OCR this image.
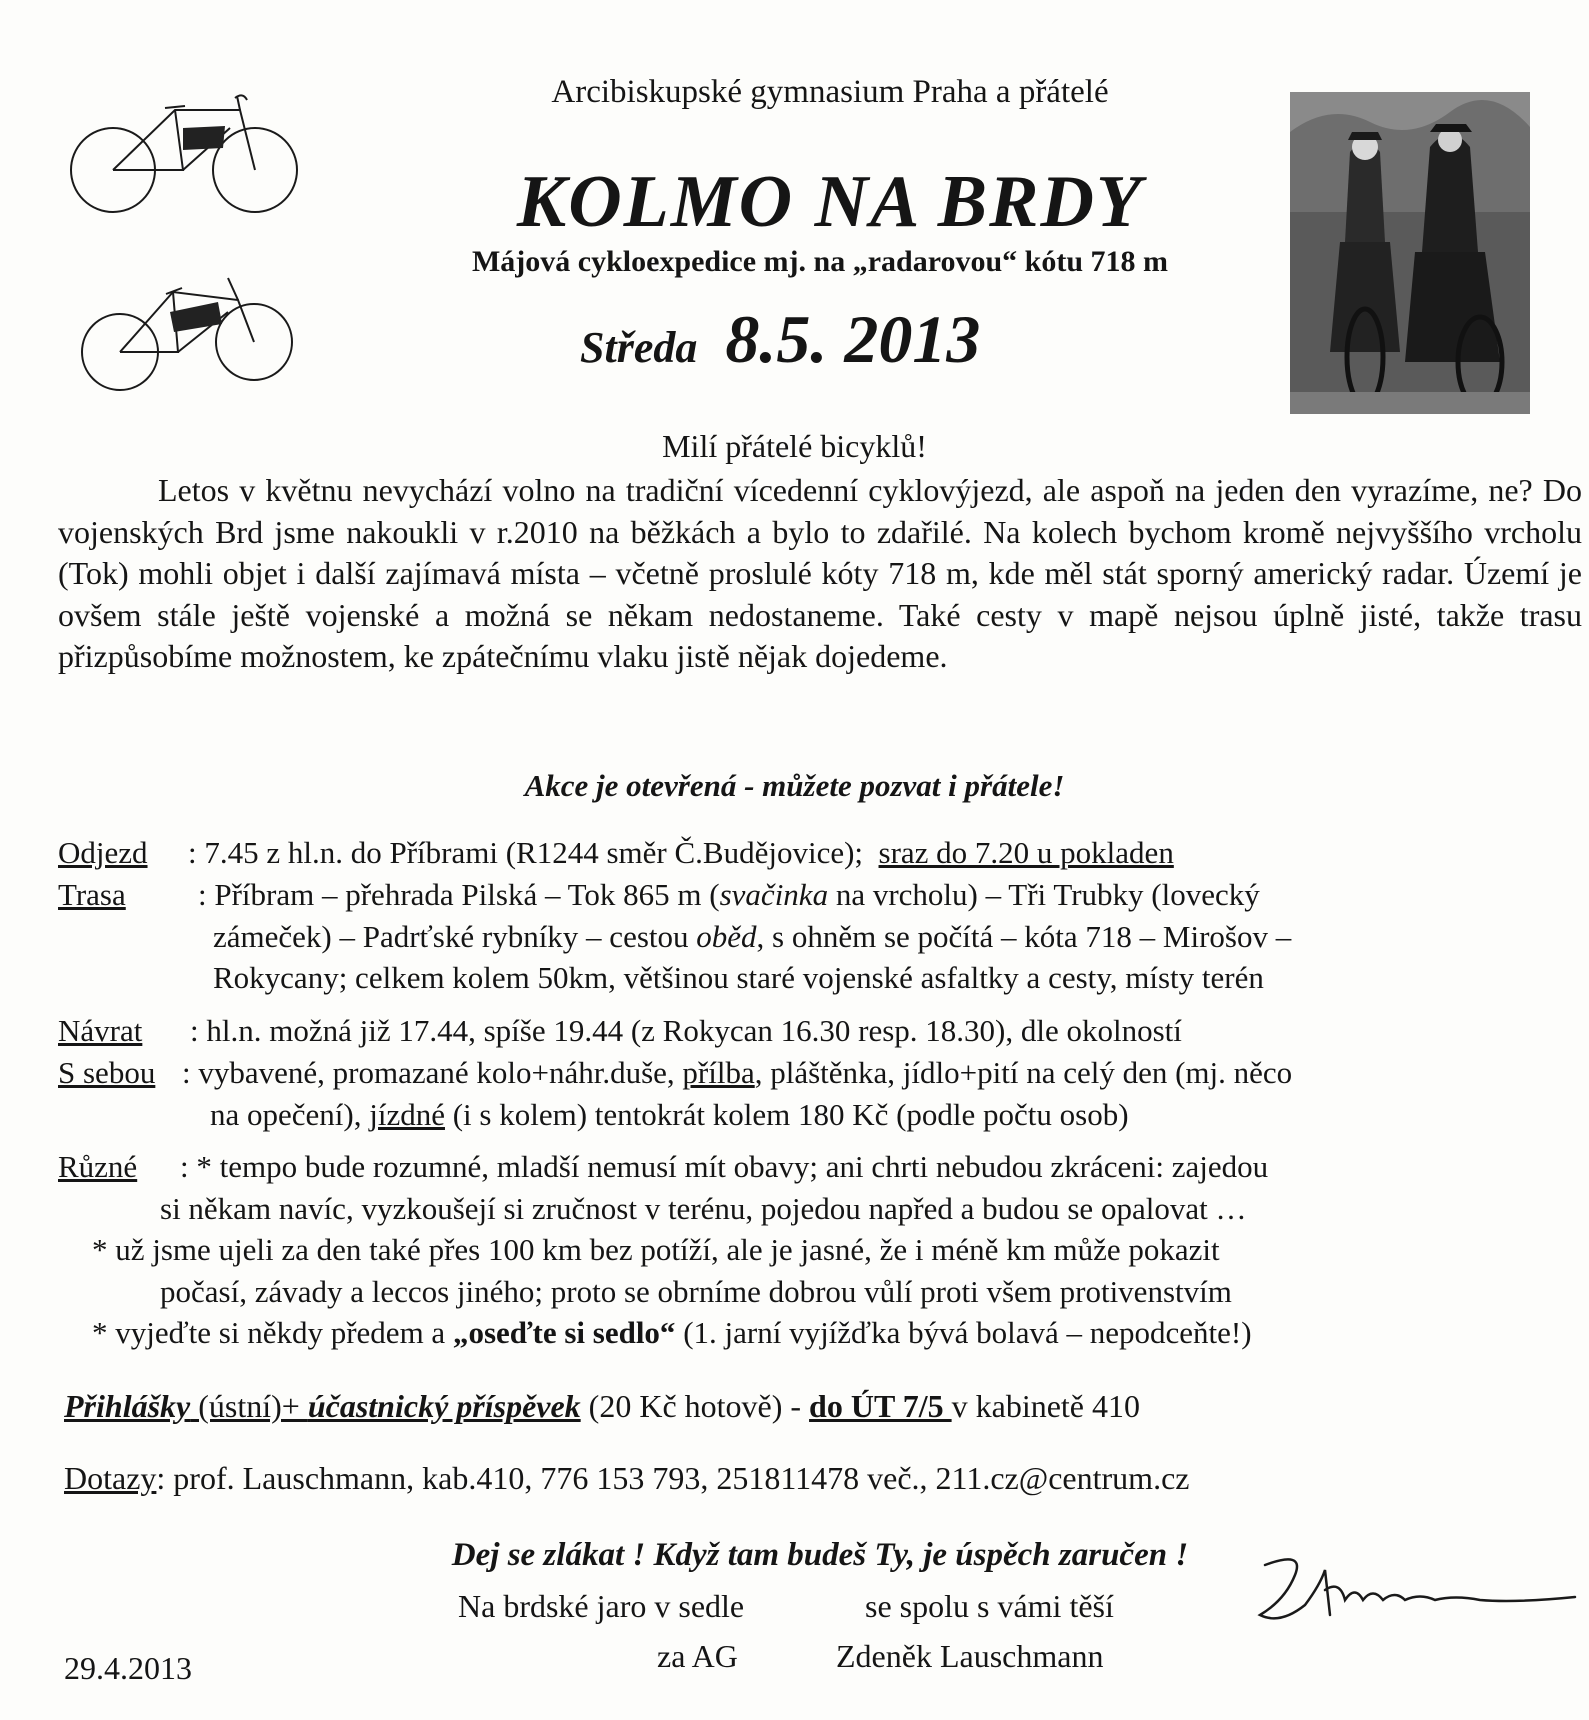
Arcibiskupské gymnasium Praha a přátelé
KOLMO NA BRDY
Májová cykloexpedice mj. na „radarovou“ kótu 718 m
Středa 8.5. 2013
Milí přátelé bicyklů!

Letos v květnu nevychází volno na tradiční vícedenní cyklovýjezd, ale aspoň na jeden den vyrazíme, ne? Do vojenských Brd jsme nakoukli v r.2010 na běžkách a bylo to zdařilé. Na kolech bychom kromě nejvyššího vrcholu (Tok) mohli objet i další zajímavá místa – včetně proslulé kóty 718 m, kde měl stát sporný americký radar. Území je ovšem stále ještě vojenské a možná se někam nedostaneme. Také cesty v mapě nejsou úplně jisté, takže trasu přizpůsobíme možnostem, ke zpátečnímu vlaku jistě nějak dojedeme.

Akce je otevřená - můžete pozvat i přátele!
Odjezd : 7.45 z hl.n. do Příbrami (R1244 směr Č.Budějovice); sraz do 7.20 u pokladen
Trasa : Příbram – přehrada Pilská – Tok 865 m (svačinka na vrcholu) – Tři Trubky (lovecký
zámeček) – Padrťské rybníky – cestou oběd, s ohněm se počítá – kóta 718 – Mirošov –
Rokycany; celkem kolem 50km, většinou staré vojenské asfaltky a cesty, místy terén
Návrat : hl.n. možná již 17.44, spíše 19.44 (z Rokycan 16.30 resp. 18.30), dle okolností
S sebou : vybavené, promazané kolo+náhr.duše, přílba, pláštěnka, jídlo+pití na celý den (mj. něco
na opečení), jízdné (i s kolem) tentokrát kolem 180 Kč (podle počtu osob)
Různé : * tempo bude rozumné, mladší nemusí mít obavy; ani chrti nebudou zkráceni: zajedou
si někam navíc, vyzkoušejí si zručnost v terénu, pojedou napřed a budou se opalovat …
* už jsme ujeli za den také přes 100 km bez potíží, ale je jasné, že i méně km může pokazit
počasí, závady a leccos jiného; proto se obrníme dobrou vůlí proti všem protivenstvím
* vyjeďte si někdy předem a „oseďte si sedlo“ (1. jarní vyjížďka bývá bolavá – nepodceňte!)
Přihlášky (ústní)+ účastnický příspěvek (20 Kč hotově) - do ÚT 7/5 v kabinetě 410
Dotazy: prof. Lauschmann, kab.410, 776 153 793, 251811478 več., 211.cz@centrum.cz
Dej se zlákat ! Když tam budeš Ty, je úspěch zaručen !
Na brdské jaro v sedle	se spolu s vámi těší
za AG	Zdeněk Lauschmann
29.4.2013
